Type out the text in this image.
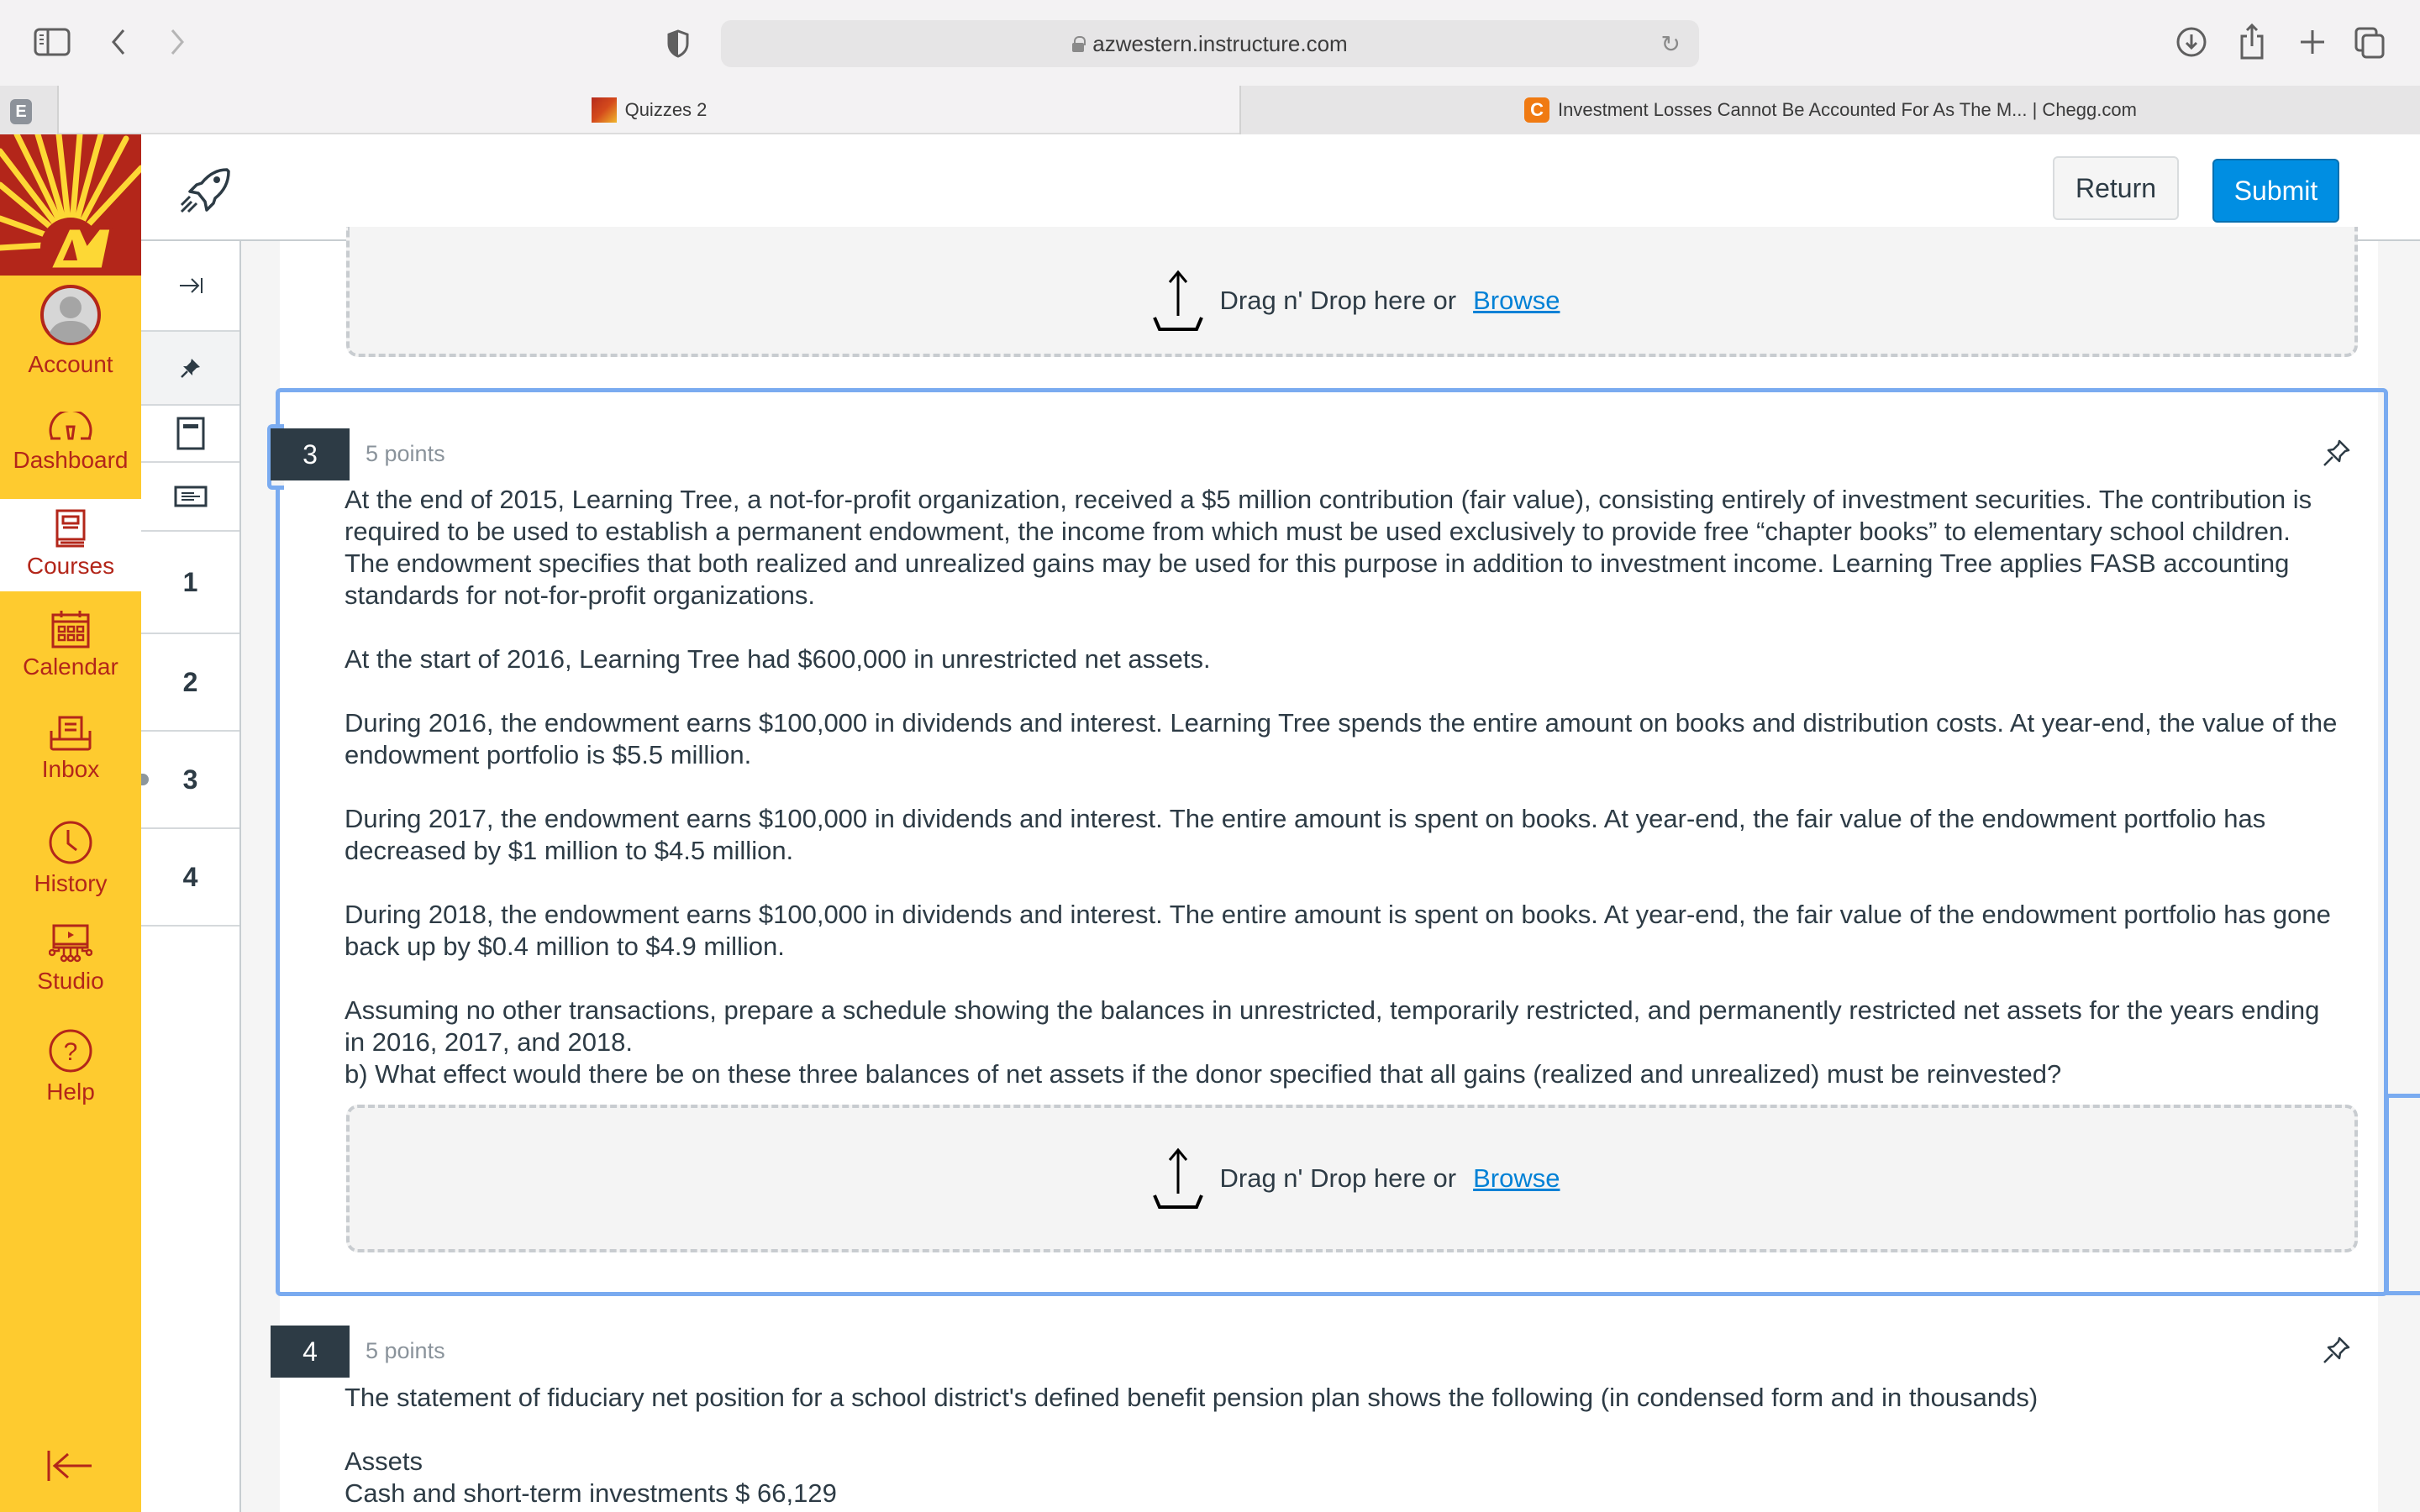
azwestern.instructure.com	↻
E	Quizzes 2	C Investment Losses Cannot Be Accounted For As The M... | Chegg.com
Account
Dashboard
Courses
Calendar
Inbox
History
Studio
?
Help
Return	Submit
1
2
3
4
Drag n' Drop here or Browse
3	5 points

At the end of 2015, Learning Tree, a not-for-profit organization, received a $5 million contribution (fair value), consisting entirely of investment securities. The contribution is

required to be used to establish a permanent endowment, the income from which must be used exclusively to provide free “chapter books” to elementary school children.

The endowment specifies that both realized and unrealized gains may be used for this purpose in addition to investment income. Learning Tree applies FASB accounting

standards for not-for-profit organizations.

At the start of 2016, Learning Tree had $600,000 in unrestricted net assets.

During 2016, the endowment earns $100,000 in dividends and interest. Learning Tree spends the entire amount on books and distribution costs. At year-end, the value of the

endowment portfolio is $5.5 million.

During 2017, the endowment earns $100,000 in dividends and interest. The entire amount is spent on books. At year-end, the fair value of the endowment portfolio has

decreased by $1 million to $4.5 million.

During 2018, the endowment earns $100,000 in dividends and interest. The entire amount is spent on books. At year-end, the fair value of the endowment portfolio has gone

back up by $0.4 million to $4.9 million.

Assuming no other transactions, prepare a schedule showing the balances in unrestricted, temporarily restricted, and permanently restricted net assets for the years ending

in 2016, 2017, and 2018.

b) What effect would there be on these three balances of net assets if the donor specified that all gains (realized and unrealized) must be reinvested?

Drag n' Drop here or Browse
4	5 points

The statement of fiduciary net position for a school district's defined benefit pension plan shows the following (in condensed form and in thousands)

Assets

Cash and short-term investments $ 66,129
